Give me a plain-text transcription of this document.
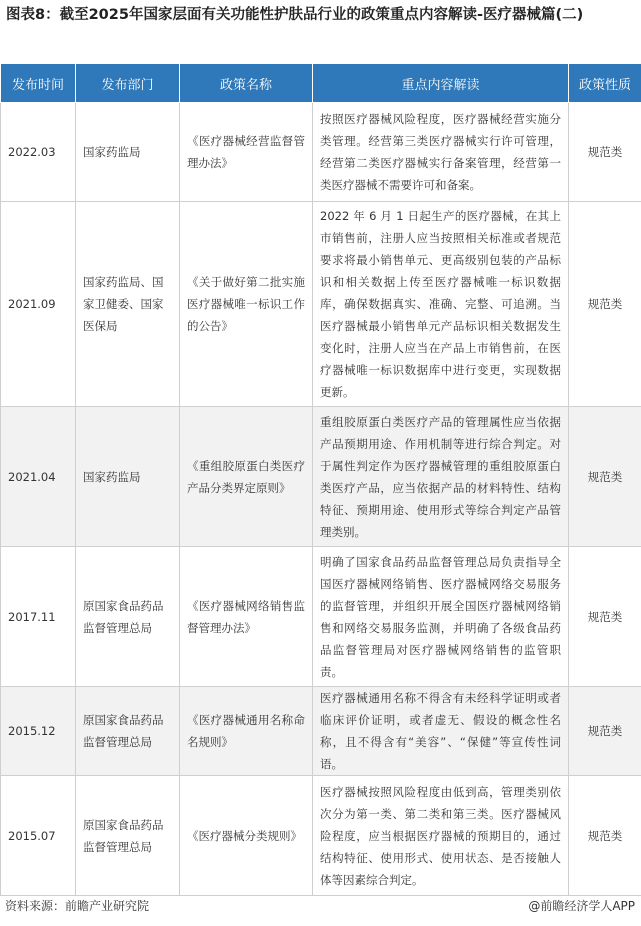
图表8：截至2025年国家层面有关功能性护肤品行业的政策重点内容解读-医疗器械篇(二)
发布时间	发布部门	政策名称	重点内容解读	政策性质
2022.03	国家药监局	《医疗器械经营监督管理办法》	按照医疗器械风险程度，医疗器械经营实施分类管理。经营第三类医疗器械实行许可管理，经营第二类医疗器械实行备案管理，经营第一类医疗器械不需要许可和备案。	规范类
2021.09	国家药监局、国家卫健委、国家医保局	《关于做好第二批实施医疗器械唯一标识工作的公告》	2022 年 6 月 1 日起生产的医疗器械，在其上市销售前，注册人应当按照相关标准或者规范要求将最小销售单元、更高级别包装的产品标识和相关数据上传至医疗器械唯一标识数据库，确保数据真实、准确、完整、可追溯。当医疗器械最小销售单元产品标识相关数据发生变化时，注册人应当在产品上市销售前，在医疗器械唯一标识数据库中进行变更，实现数据更新。	规范类
2021.04	国家药监局	《重组胶原蛋白类医疗产品分类界定原则》	重组胶原蛋白类医疗产品的管理属性应当依据产品预期用途、作用机制等进行综合判定。对于属性判定作为医疗器械管理的重组胶原蛋白类医疗产品，应当依据产品的材料特性、结构特征、预期用途、使用形式等综合判定产品管理类别。	规范类
2017.11	原国家食品药品监督管理总局	《医疗器械网络销售监督管理办法》	明确了国家食品药品监督管理总局负责指导全国医疗器械网络销售、医疗器械网络交易服务的监督管理，并组织开展全国医疗器械网络销售和网络交易服务监测，并明确了各级食品药品监督管理局对医疗器械网络销售的监管职责。	规范类
2015.12	原国家食品药品监督管理总局	《医疗器械通用名称命名规则》	医疗器械通用名称不得含有未经科学证明或者临床评价证明，或者虚无、假设的概念性名称，且不得含有“美容”、“保健”等宣传性词语。	规范类
2015.07	原国家食品药品监督管理总局	《医疗器械分类规则》	医疗器械按照风险程度由低到高，管理类别依次分为第一类、第二类和第三类。医疗器械风险程度，应当根据医疗器械的预期目的，通过结构特征、使用形式、使用状态、是否接触人体等因素综合判定。	规范类
资料来源：前瞻产业研究院	@前瞻经济学人APP
